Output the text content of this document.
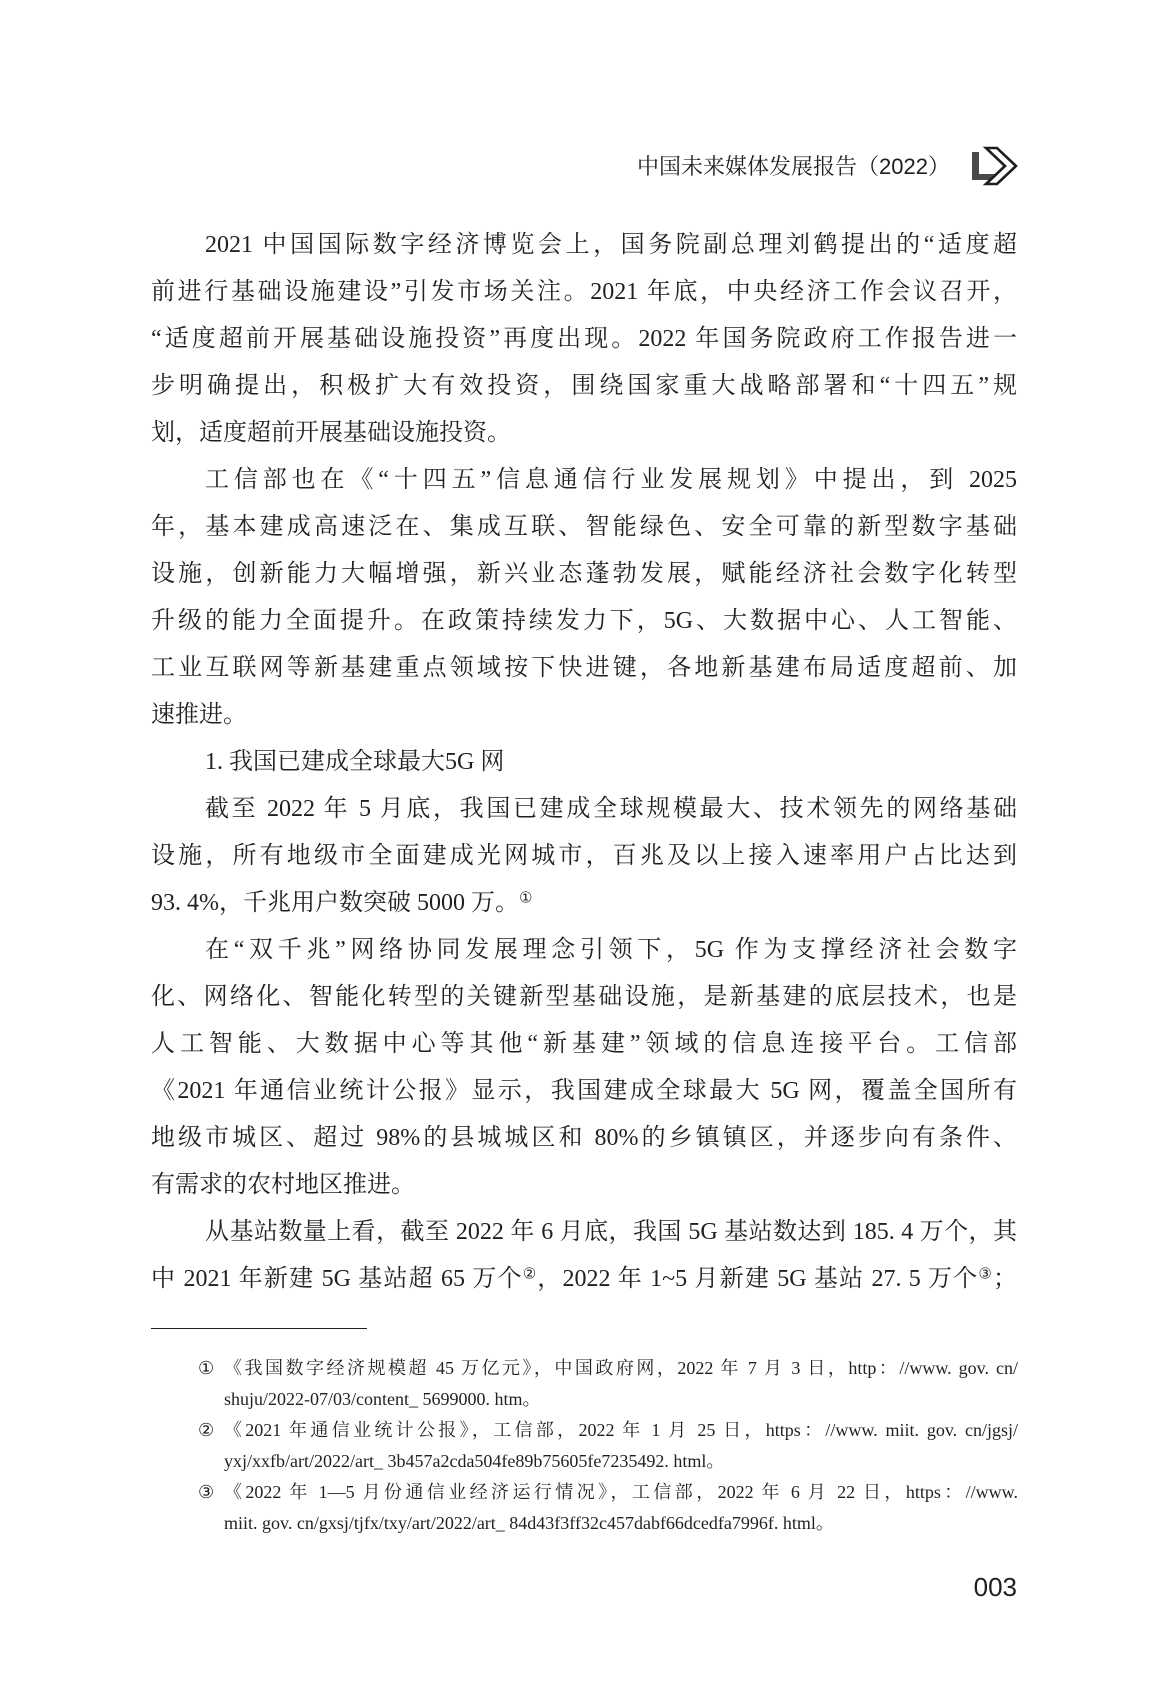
中国未来媒体发展报告（2022）
2021 中国国际数字经济博览会上，国务院副总理刘鹤提出的“适度超
前进行基础设施建设”引发市场关注。2021 年底，中央经济工作会议召开，
“适度超前开展基础设施投资”再度出现。2022 年国务院政府工作报告进一
步明确提出，积极扩大有效投资，围绕国家重大战略部署和“十四五”规
划，适度超前开展基础设施投资。
工信部也在《“十四五”信息通信行业发展规划》中提出，到 2025
年，基本建成高速泛在、集成互联、智能绿色、安全可靠的新型数字基础
设施，创新能力大幅增强，新兴业态蓬勃发展，赋能经济社会数字化转型
升级的能力全面提升。在政策持续发力下，5G、大数据中心、人工智能、
工业互联网等新基建重点领域按下快进键，各地新基建布局适度超前、加
速推进。
1. 我国已建成全球最大5G 网
截至 2022 年 5 月底，我国已建成全球规模最大、技术领先的网络基础
设施，所有地级市全面建成光网城市，百兆及以上接入速率用户占比达到
93. 4%，千兆用户数突破 5000 万。①
在“双千兆”网络协同发展理念引领下，5G 作为支撑经济社会数字
化、网络化、智能化转型的关键新型基础设施，是新基建的底层技术，也是
人工智能、大数据中心等其他“新基建”领域的信息连接平台。工信部
《2021 年通信业统计公报》显示，我国建成全球最大 5G 网，覆盖全国所有
地级市城区、超过 98%的县城城区和 80%的乡镇镇区，并逐步向有条件、
有需求的农村地区推进。
从基站数量上看，截至 2022 年 6 月底，我国 5G 基站数达到 185. 4 万个，其
中 2021 年新建 5G 基站超 65 万个②，2022 年 1~5 月新建 5G 基站 27. 5 万个③；
① 《我国数字经济规模超 45 万亿元》，中国政府网，2022 年 7 月 3 日，http：//www. gov. cn/
shuju/2022-07/03/content_ 5699000. htm。
② 《2021 年通信业统计公报》，工信部，2022 年 1 月 25 日，https：//www. miit. gov. cn/jgsj/
yxj/xxfb/art/2022/art_ 3b457a2cda504fe89b75605fe7235492. html。
③ 《2022 年 1—5 月份通信业经济运行情况》，工信部，2022 年 6 月 22 日，https：//www.
miit. gov. cn/gxsj/tjfx/txy/art/2022/art_ 84d43f3ff32c457dabf66dcedfa7996f. html。
003
